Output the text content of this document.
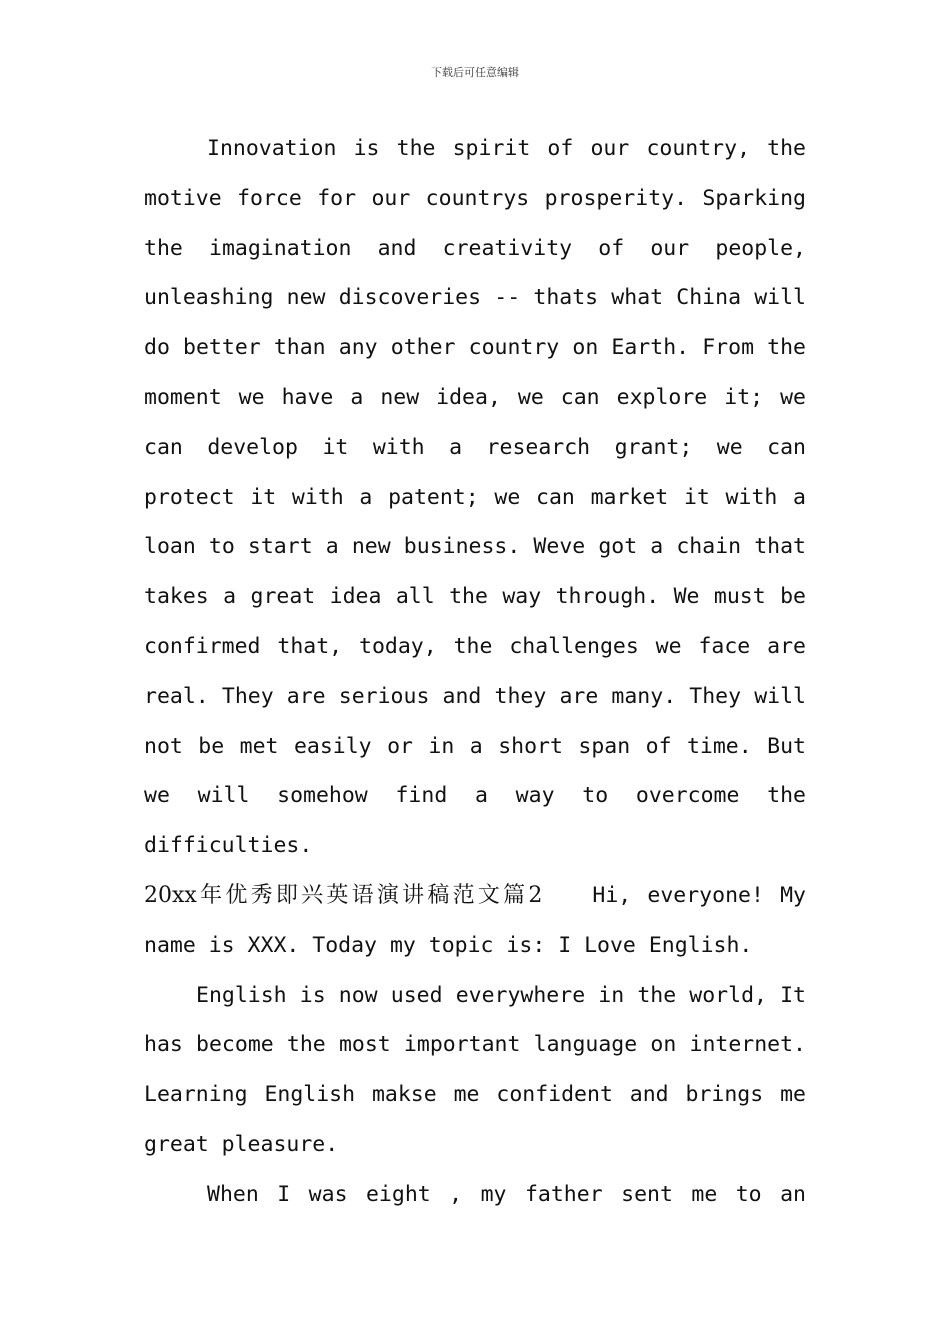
下载后可任意编辑

Innovation is the spirit of our country, the motive force for our countrys prosperity. Sparking the imagination and creativity of our people, unleashing new discoveries -- thats what China will do better than any other country on Earth. From the moment we have a new idea, we can explore it; we can develop it with a research grant; we can protect it with a patent; we can market it with a loan to start a new business. Weve got a chain that takes a great idea all the way through. We must be confirmed that, today, the challenges we face are real. They are serious and they are many. They will not be met easily or in a short span of time. But we will somehow find a way to overcome the difficulties.

20xx年优秀即兴英语演讲稿范文篇2 Hi, everyone! My name is XXX. Today my topic is: I Love English.

English is now used everywhere in the world, It has become the most important language on internet. Learning English makse me confident and brings me great pleasure.

When I was eight , my father sent me to an
